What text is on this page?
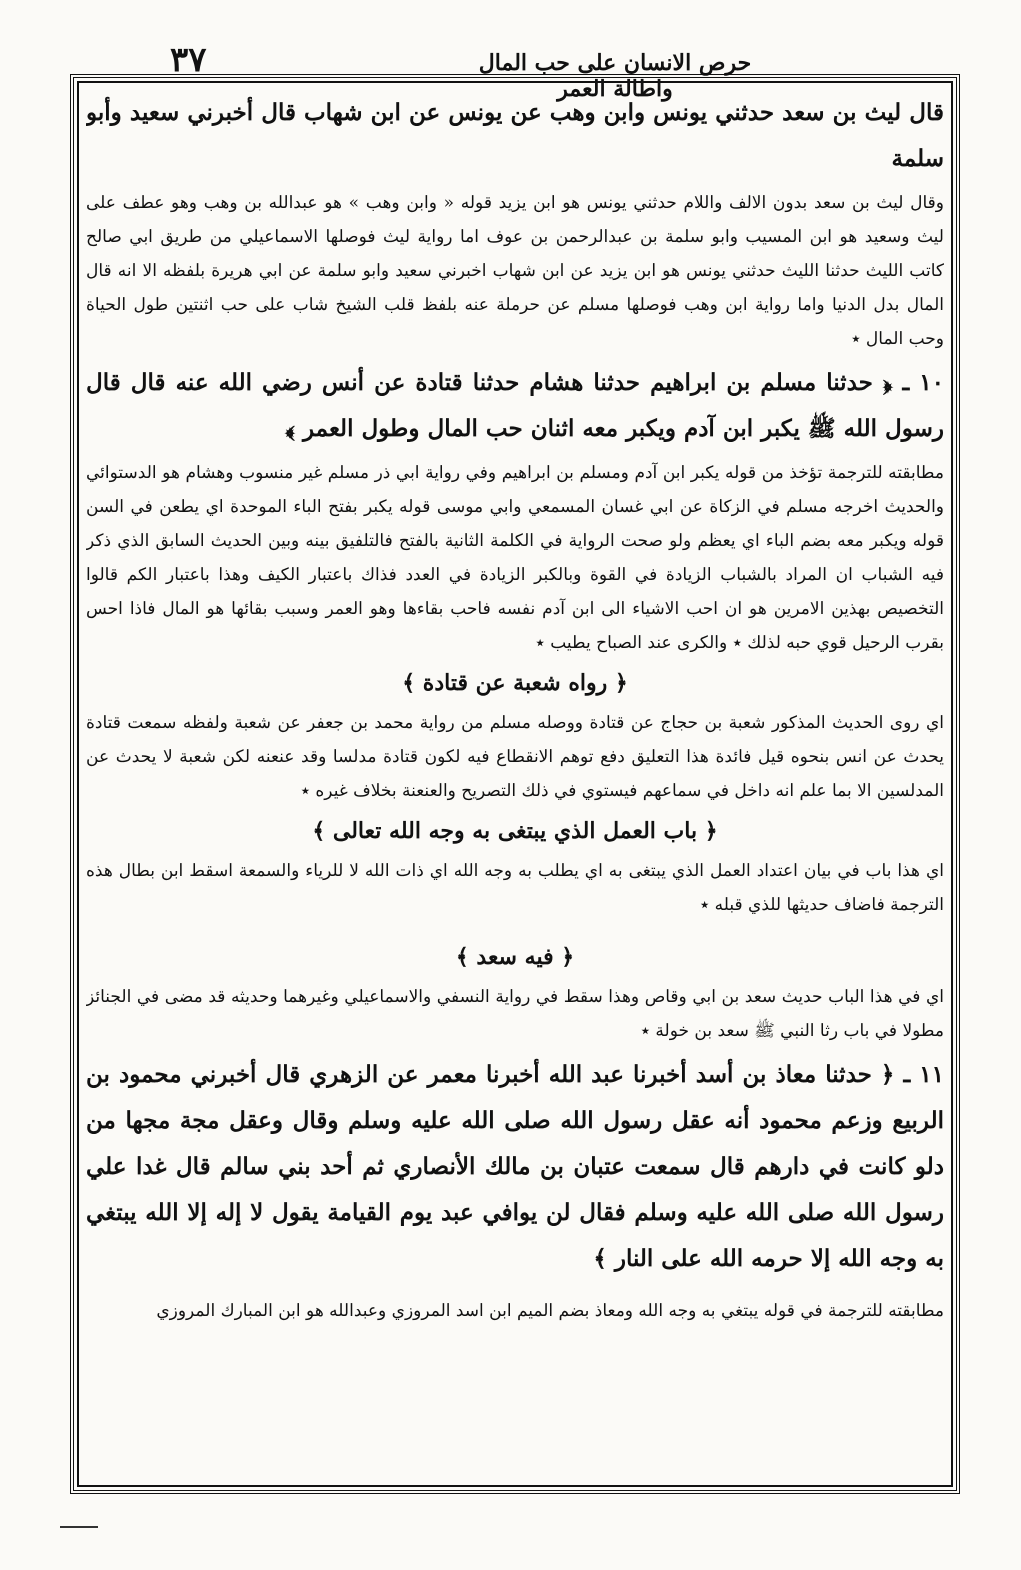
٣٧	حرص الانسان على حب المال واطالة العمر

قال ليث بن سعد حدثني يونس وابن وهب عن يونس عن ابن شهاب قال أخبرني سعيد وأبو سلمة

وقال ليث بن سعد بدون الالف واللام حدثني يونس هو ابن يزيد قوله « وابن وهب » هو عبدالله بن وهب وهو عطف على ليث وسعيد هو ابن المسيب وابو سلمة بن عبدالرحمن بن عوف اما رواية ليث فوصلها الاسماعيلي من طريق ابي صالح كاتب الليث حدثنا الليث حدثني يونس هو ابن يزيد عن ابن شهاب اخبرني سعيد وابو سلمة عن ابي هريرة بلفظه الا انه قال المال بدل الدنيا واما رواية ابن وهب فوصلها مسلم عن حرملة عنه بلفظ قلب الشيخ شاب على حب اثنتين طول الحياة وحب المال ٭

١٠ ـ ﴿ حدثنا مسلم بن ابراهيم حدثنا هشام حدثنا قتادة عن أنس رضي الله عنه قال قال رسول الله ﷺ يكبر ابن آدم ويكبر معه اثنان حب المال وطول العمر ﴾

مطابقته للترجمة تؤخذ من قوله يكبر ابن آدم ومسلم بن ابراهيم وفي رواية ابي ذر مسلم غير منسوب وهشام هو الدستوائي والحديث اخرجه مسلم في الزكاة عن ابي غسان المسمعي وابي موسى قوله يكبر بفتح الباء الموحدة اي يطعن في السن قوله ويكبر معه بضم الباء اي يعظم ولو صحت الرواية في الكلمة الثانية بالفتح فالتلفيق بينه وبين الحديث السابق الذي ذكر فيه الشباب ان المراد بالشباب الزيادة في القوة وبالكبر الزيادة في العدد فذاك باعتبار الكيف وهذا باعتبار الكم قالوا التخصيص بهذين الامرين هو ان احب الاشياء الى ابن آدم نفسه فاحب بقاءها وهو العمر وسبب بقائها هو المال فاذا احس بقرب الرحيل قوي حبه لذلك ٭ والكرى عند الصباح يطيب ٭

﴿ رواه شعبة عن قتادة ﴾

اي روى الحديث المذكور شعبة بن حجاج عن قتادة ووصله مسلم من رواية محمد بن جعفر عن شعبة ولفظه سمعت قتادة يحدث عن انس بنحوه قيل فائدة هذا التعليق دفع توهم الانقطاع فيه لكون قتادة مدلسا وقد عنعنه لكن شعبة لا يحدث عن المدلسين الا بما علم انه داخل في سماعهم فيستوي في ذلك التصريح والعنعنة بخلاف غيره ٭

﴿ باب العمل الذي يبتغى به وجه الله تعالى ﴾

اي هذا باب في بيان اعتداد العمل الذي يبتغى به اي يطلب به وجه الله اي ذات الله لا للرياء والسمعة اسقط ابن بطال هذه الترجمة فاضاف حديثها للذي قبله ٭

﴿ فيه سعد ﴾

اي في هذا الباب حديث سعد بن ابي وقاص وهذا سقط في رواية النسفي والاسماعيلي وغيرهما وحديثه قد مضى في الجنائز مطولا في باب رثا النبي ﷺ سعد بن خولة ٭

١١ ـ ﴿ حدثنا معاذ بن أسد أخبرنا عبد الله أخبرنا معمر عن الزهري قال أخبرني محمود بن الربيع وزعم محمود أنه عقل رسول الله صلى الله عليه وسلم وقال وعقل مجة مجها من دلو كانت في دارهم قال سمعت عتبان بن مالك الأنصاري ثم أحد بني سالم قال غدا علي رسول الله صلى الله عليه وسلم فقال لن يوافي عبد يوم القيامة يقول لا إله إلا الله يبتغي به وجه الله إلا حرمه الله على النار ﴾

مطابقته للترجمة في قوله يبتغي به وجه الله ومعاذ بضم الميم ابن اسد المروزي وعبدالله هو ابن المبارك المروزي
